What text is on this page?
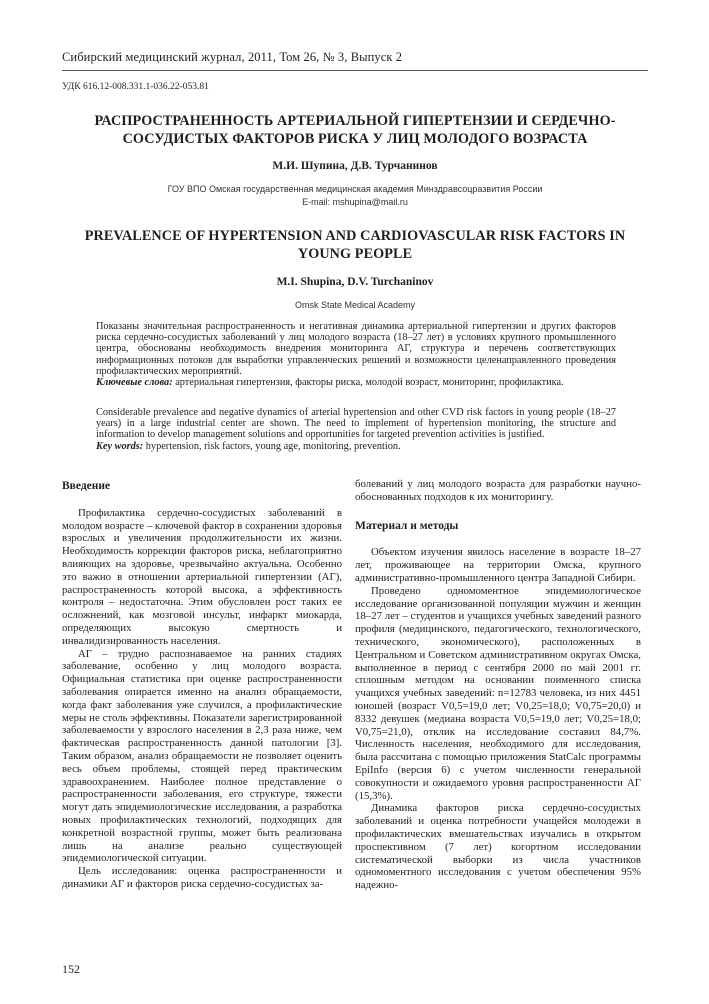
Сибирский медицинский журнал, 2011, Том 26, № 3, Выпуск 2
УДК 616.12-008.331.1-036.22-053.81
РАСПРОСТРАНЕННОСТЬ АРТЕРИАЛЬНОЙ ГИПЕРТЕНЗИИ И СЕРДЕЧНО-
СОСУДИСТЫХ ФАКТОРОВ РИСКА У ЛИЦ МОЛОДОГО ВОЗРАСТА
М.И. Шупина, Д.В. Турчанинов
ГОУ ВПО Омская государственная медицинская академия Минздравсоцразвития России
E-mail: mshupina@mail.ru
PREVALENCE OF HYPERTENSION AND CARDIOVASCULAR RISK FACTORS IN
YOUNG PEOPLE
M.I. Shupina, D.V. Turchaninov
Omsk State Medical Academy

Показаны значительная распространенность и негативная динамика артериальной гипертензии и других факторов риска сердечно-сосудистых заболеваний у лиц молодого возраста (18–27 лет) в условиях крупного промышленного центра, обоснованы необходимость внедрения мониторинга АГ, структура и перечень соответствующих информационных потоков для выработки управленческих решений и возможности целенаправленного проведения профилактических мероприятий.

Ключевые слова: артериальная гипертензия, факторы риска, молодой возраст, мониторинг, профилактика.

Considerable prevalence and negative dynamics of arterial hypertension and other CVD risk factors in young people (18–27 years) in a large industrial center are shown. The need to implement of hypertension monitoring, the structure and information to develop management solutions and opportunities for targeted prevention activities is justified.

Key words: hypertension, risk factors, young age, monitoring, prevention.

Введение

Профилактика сердечно-сосудистых заболеваний в молодом возрасте – ключевой фактор в сохранении здоровья взрослых и увеличения продолжительности их жизни. Необходимость коррекции факторов риска, неблагоприятно влияющих на здоровье, чрезвычайно актуальна. Особенно это важно в отношении артериальной гипертензии (АГ), распространенность которой высока, а эффективность контроля – недостаточна. Этим обусловлен рост таких ее осложнений, как мозговой инсульт, инфаркт миокарда, определяющих высокую смертность и инвалидизированность населения.

АГ – трудно распознаваемое на ранних стадиях заболевание, особенно у лиц молодого возраста. Официальная статистика при оценке распространенности заболевания опирается именно на анализ обращаемости, когда факт заболевания уже случился, а профилактические меры не столь эффективны. Показатели зарегистрированной заболеваемости у взрослого населения в 2,3 раза ниже, чем фактическая распространенность данной патологии [3]. Таким образом, анализ обращаемости не позволяет оценить весь объем проблемы, стоящей перед практическим здравоохранением. Наиболее полное представление о распространенности заболевания, его структуре, тяжести могут дать эпидемиологические исследования, а разработка новых профилактических технологий, подходящих для конкретной возрастной группы, может быть реализована лишь на анализе реально существующей эпидемиологической ситуации.

Цель исследования: оценка распространенности и динамики АГ и факторов риска сердечно-сосудистых за-

болеваний у лиц молодого возраста для разработки научно-обоснованных подходов к их мониторингу.

Материал и методы

Объектом изучения явилось население в возрасте 18–27 лет, проживающее на территории Омска, крупного административно-промышленного центра Западной Сибири.

Проведено одномоментное эпидемиологическое исследование организованной популяции мужчин и женщин 18–27 лет – студентов и учащихся учебных заведений разного профиля (медицинского, педагогического, технологического, технического, экономического), расположенных в Центральном и Советском административном округах Омска, выполненное в период с сентября 2000 по май 2001 гг. сплошным методом на основании поименного списка учащихся учебных заведений: n=12783 человека, из них 4451 юношей (возраст V0,5=19,0 лет; V0,25=18,0; V0,75=20,0) и 8332 девушек (медиана возраста V0,5=19,0 лет; V0,25=18,0; V0,75=21,0), отклик на исследование составил 84,7%. Численность населения, необходимого для исследования, была рассчитана с помощью приложения StatCalc программы EpiInfo (версия 6) с учетом численности генеральной совокупности и ожидаемого уровня распространенности АГ (15,3%).

Динамика факторов риска сердечно-сосудистых заболеваний и оценка потребности учащейся молодежи в профилактических вмешательствах изучались в открытом проспективном (7 лет) когортном исследовании систематической выборки из числа участников одномоментного исследования с учетом обеспечения 95% надежно-

152
